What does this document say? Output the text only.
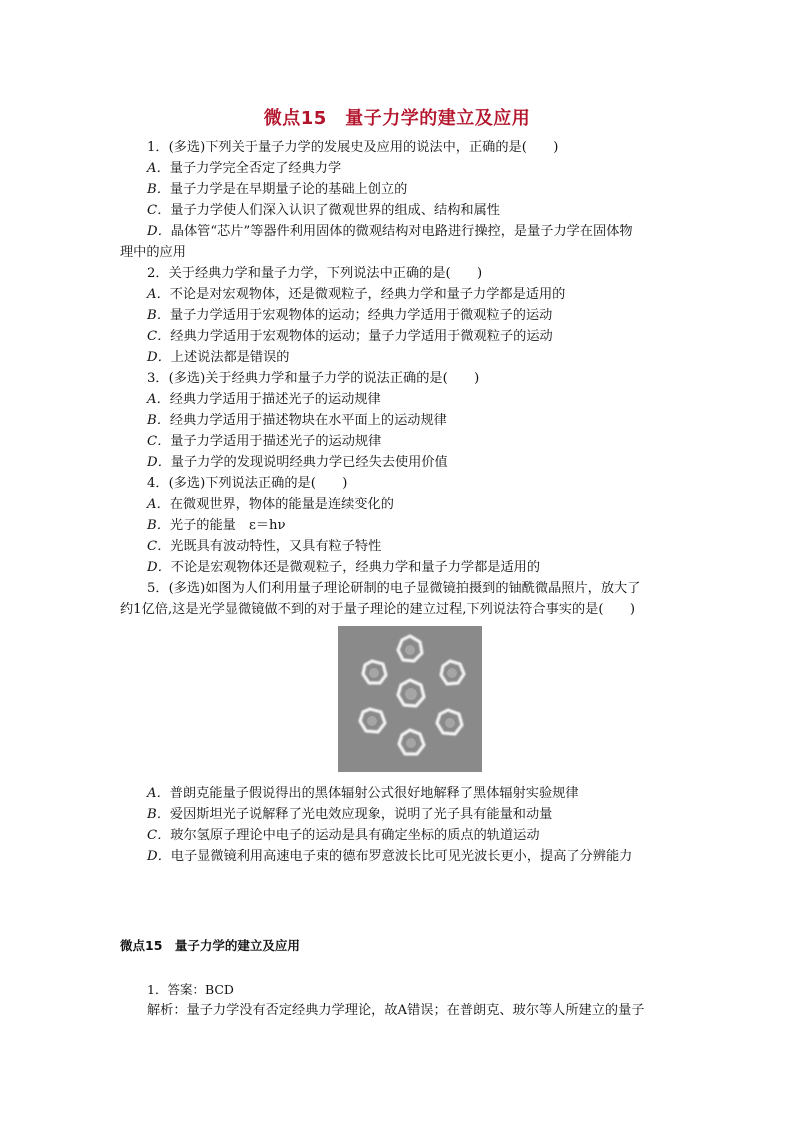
微点15　量子力学的建立及应用
1．(多选)下列关于量子力学的发展史及应用的说法中，正确的是(　　)
A．量子力学完全否定了经典力学
B．量子力学是在早期量子论的基础上创立的
C．量子力学使人们深入认识了微观世界的组成、结构和属性
D．晶体管“芯片”等器件利用固体的微观结构对电路进行操控，是量子力学在固体物
理中的应用
2．关于经典力学和量子力学，下列说法中正确的是(　　)
A．不论是对宏观物体，还是微观粒子，经典力学和量子力学都是适用的
B．量子力学适用于宏观物体的运动；经典力学适用于微观粒子的运动
C．经典力学适用于宏观物体的运动；量子力学适用于微观粒子的运动
D．上述说法都是错误的
3．(多选)关于经典力学和量子力学的说法正确的是(　　)
A．经典力学适用于描述光子的运动规律
B．经典力学适用于描述物块在水平面上的运动规律
C．量子力学适用于描述光子的运动规律
D．量子力学的发现说明经典力学已经失去使用价值
4．(多选)下列说法正确的是(　　)
A．在微观世界，物体的能量是连续变化的
B．光子的能量　ε＝hν
C．光既具有波动特性，又具有粒子特性
D．不论是宏观物体还是微观粒子，经典力学和量子力学都是适用的
5．(多选)如图为人们利用量子理论研制的电子显微镜拍摄到的铀酰微晶照片，放大了
约1亿倍,这是光学显微镜做不到的对于量子理论的建立过程,下列说法符合事实的是(　　)
A．普朗克能量子假说得出的黑体辐射公式很好地解释了黑体辐射实验规律
B．爱因斯坦光子说解释了光电效应现象，说明了光子具有能量和动量
C．玻尔氢原子理论中电子的运动是具有确定坐标的质点的轨道运动
D．电子显微镜利用高速电子束的德布罗意波长比可见光波长更小，提高了分辨能力
微点15　量子力学的建立及应用
1．答案：BCD
解析：量子力学没有否定经典力学理论，故A错误；在普朗克、玻尔等人所建立的量子
